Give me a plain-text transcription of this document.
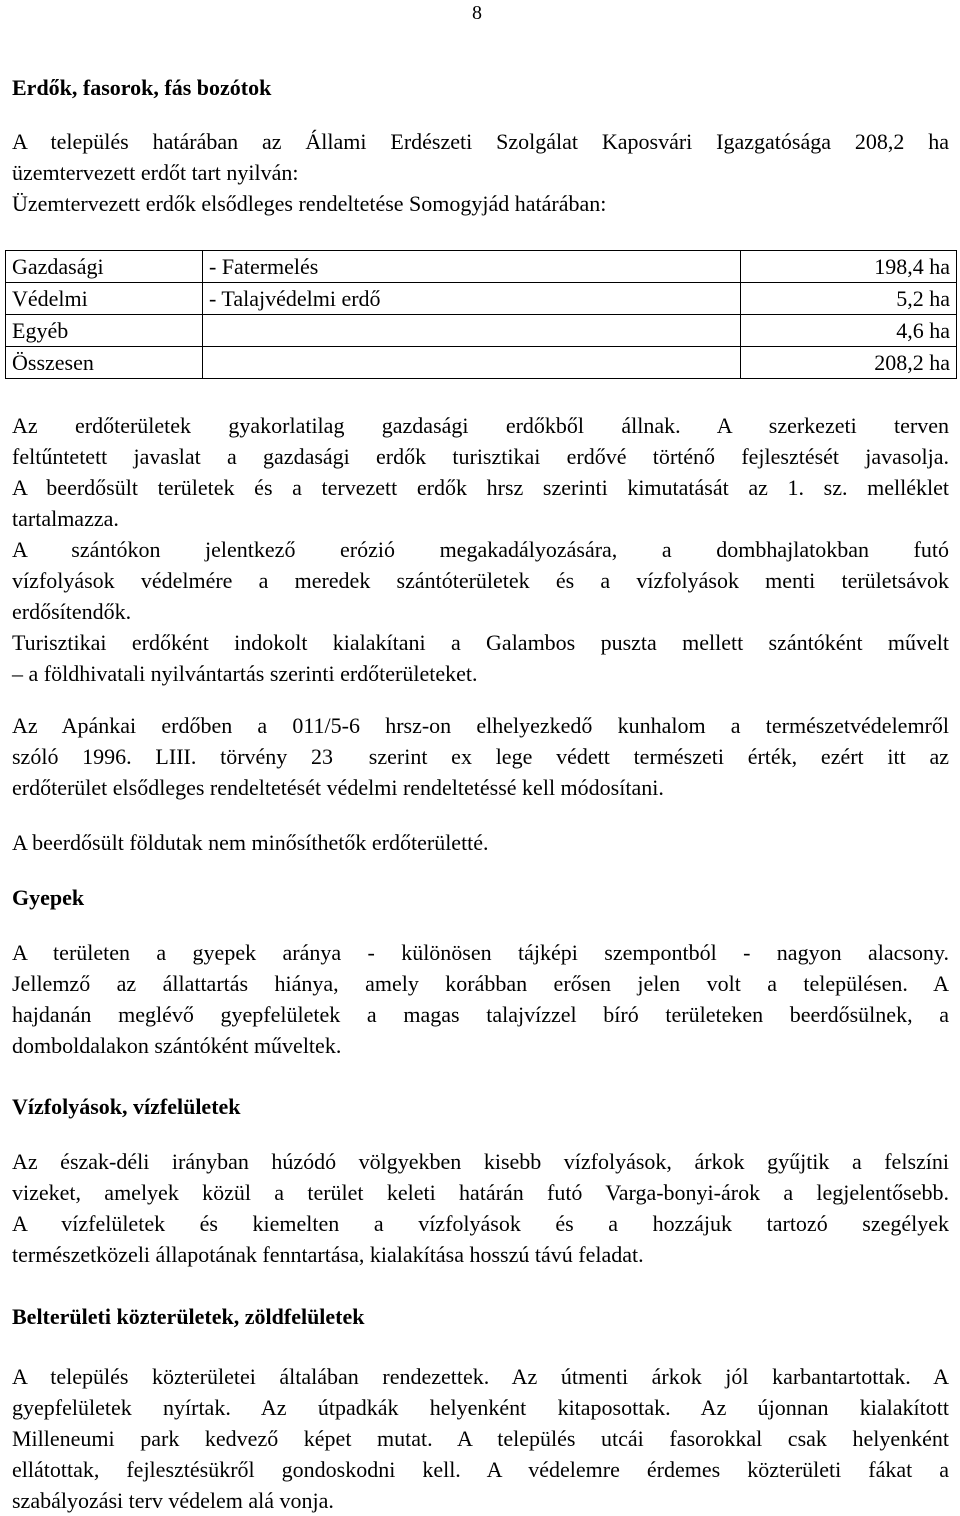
8
Erdők, fasorok, fás bozótok
A település határában az Állami Erdészeti Szolgálat Kaposvári Igazgatósága 208,2 ha
üzemtervezett erdőt tart nyilván:
Üzemtervezett erdők elsődleges rendeltetése Somogyjád határában:
Gazdasági	- Fatermelés	198,4 ha
Védelmi	- Talajvédelmi erdő	5,2 ha
Egyéb		4,6 ha
Összesen		208,2 ha
Az erdőterületek gyakorlatilag gazdasági erdőkből állnak. A szerkezeti terven
feltűntetett javaslat a gazdasági erdők turisztikai erdővé történő fejlesztését javasolja.
A beerdősült területek és a tervezett erdők hrsz szerinti kimutatását az 1. sz. melléklet
tartalmazza.
A szántókon jelentkező erózió megakadályozására, a dombhajlatokban futó
vízfolyások védelmére a meredek szántóterületek és a vízfolyások menti területsávok
erdősítendők.
Turisztikai erdőként indokolt kialakítani a Galambos puszta mellett szántóként művelt
– a földhivatali nyilvántartás szerinti erdőterületeket.
Az Apánkai erdőben a 011/5-6 hrsz-on elhelyezkedő kunhalom a természetvédelemről
szóló 1996. LIII. törvény 23 szerint ex lege védett természeti érték, ezért itt az
erdőterület elsődleges rendeltetését védelmi rendeltetéssé kell módosítani.
A beerdősült földutak nem minősíthetők erdőterületté.
Gyepek
A területen a gyepek aránya - különösen tájképi szempontból - nagyon alacsony.
Jellemző az állattartás hiánya, amely korábban erősen jelen volt a településen. A
hajdanán meglévő gyepfelületek a magas talajvízzel bíró területeken beerdősülnek, a
domboldalakon szántóként műveltek.
Vízfolyások, vízfelületek
Az észak-déli irányban húzódó völgyekben kisebb vízfolyások, árkok gyűjtik a felszíni
vizeket, amelyek közül a terület keleti határán futó Varga-bonyi-árok a legjelentősebb.
A vízfelületek és kiemelten a vízfolyások és a hozzájuk tartozó szegélyek
természetközeli állapotának fenntartása, kialakítása hosszú távú feladat.
Belterületi közterületek, zöldfelületek
A település közterületei általában rendezettek. Az útmenti árkok jól karbantartottak. A
gyepfelületek nyírtak. Az útpadkák helyenként kitaposottak. Az újonnan kialakított
Milleneumi park kedvező képet mutat. A település utcái fasorokkal csak helyenként
ellátottak, fejlesztésükről gondoskodni kell. A védelemre érdemes közterületi fákat a
szabályozási terv védelem alá vonja.
